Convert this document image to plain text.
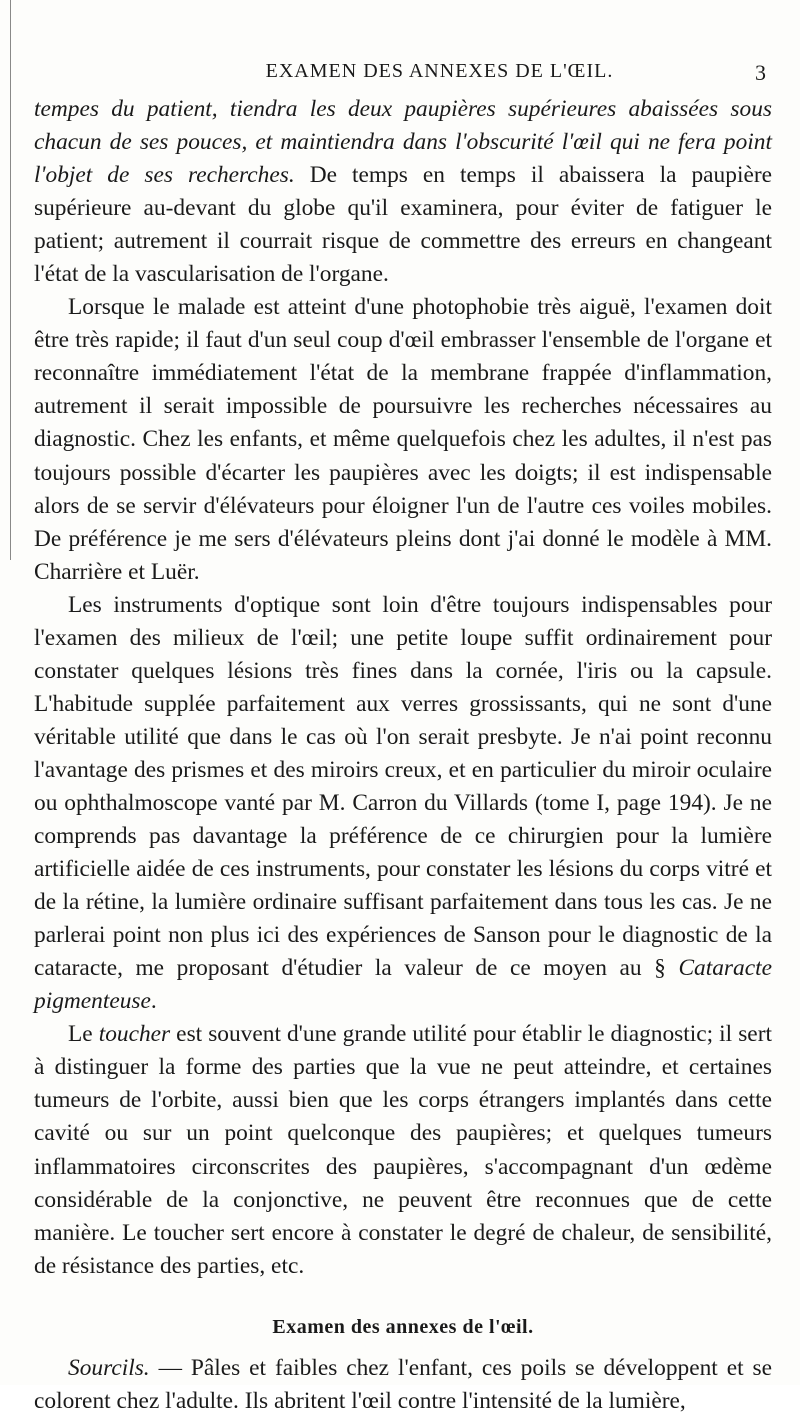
EXAMEN DES ANNEXES DE L'ŒIL.	3

tempes du patient, tiendra les deux paupières supérieures abaissées sous chacun de ses pouces, et maintiendra dans l'obscurité l'œil qui ne fera point l'objet de ses recherches. De temps en temps il abaissera la paupière supérieure au-devant du globe qu'il examinera, pour éviter de fatiguer le patient; autrement il courrait risque de commettre des erreurs en changeant l'état de la vascularisation de l'organe.

Lorsque le malade est atteint d'une photophobie très aiguë, l'examen doit être très rapide; il faut d'un seul coup d'œil embrasser l'ensemble de l'organe et reconnaître immédiatement l'état de la membrane frappée d'inflammation, autrement il serait impossible de poursuivre les recherches nécessaires au diagnostic. Chez les enfants, et même quelquefois chez les adultes, il n'est pas toujours possible d'écarter les paupières avec les doigts; il est indispensable alors de se servir d'élévateurs pour éloigner l'un de l'autre ces voiles mobiles. De préférence je me sers d'élévateurs pleins dont j'ai donné le modèle à MM. Charrière et Luër.

Les instruments d'optique sont loin d'être toujours indispensables pour l'examen des milieux de l'œil; une petite loupe suffit ordinairement pour constater quelques lésions très fines dans la cornée, l'iris ou la capsule. L'habitude supplée parfaitement aux verres grossissants, qui ne sont d'une véritable utilité que dans le cas où l'on serait presbyte. Je n'ai point reconnu l'avantage des prismes et des miroirs creux, et en particulier du miroir oculaire ou ophthalmoscope vanté par M. Carron du Villards (tome I, page 194). Je ne comprends pas davantage la préférence de ce chirurgien pour la lumière artificielle aidée de ces instruments, pour constater les lésions du corps vitré et de la rétine, la lumière ordinaire suffisant parfaitement dans tous les cas. Je ne parlerai point non plus ici des expériences de Sanson pour le diagnostic de la cataracte, me proposant d'étudier la valeur de ce moyen au § Cataracte pigmenteuse.

Le toucher est souvent d'une grande utilité pour établir le diagnostic; il sert à distinguer la forme des parties que la vue ne peut atteindre, et certaines tumeurs de l'orbite, aussi bien que les corps étrangers implantés dans cette cavité ou sur un point quelconque des paupières; et quelques tumeurs inflammatoires circonscrites des paupières, s'accompagnant d'un œdème considérable de la conjonctive, ne peuvent être reconnues que de cette manière. Le toucher sert encore à constater le degré de chaleur, de sensibilité, de résistance des parties, etc.

Examen des annexes de l'œil.

Sourcils. — Pâles et faibles chez l'enfant, ces poils se développent et se colorent chez l'adulte. Ils abritent l'œil contre l'intensité de la lumière,
